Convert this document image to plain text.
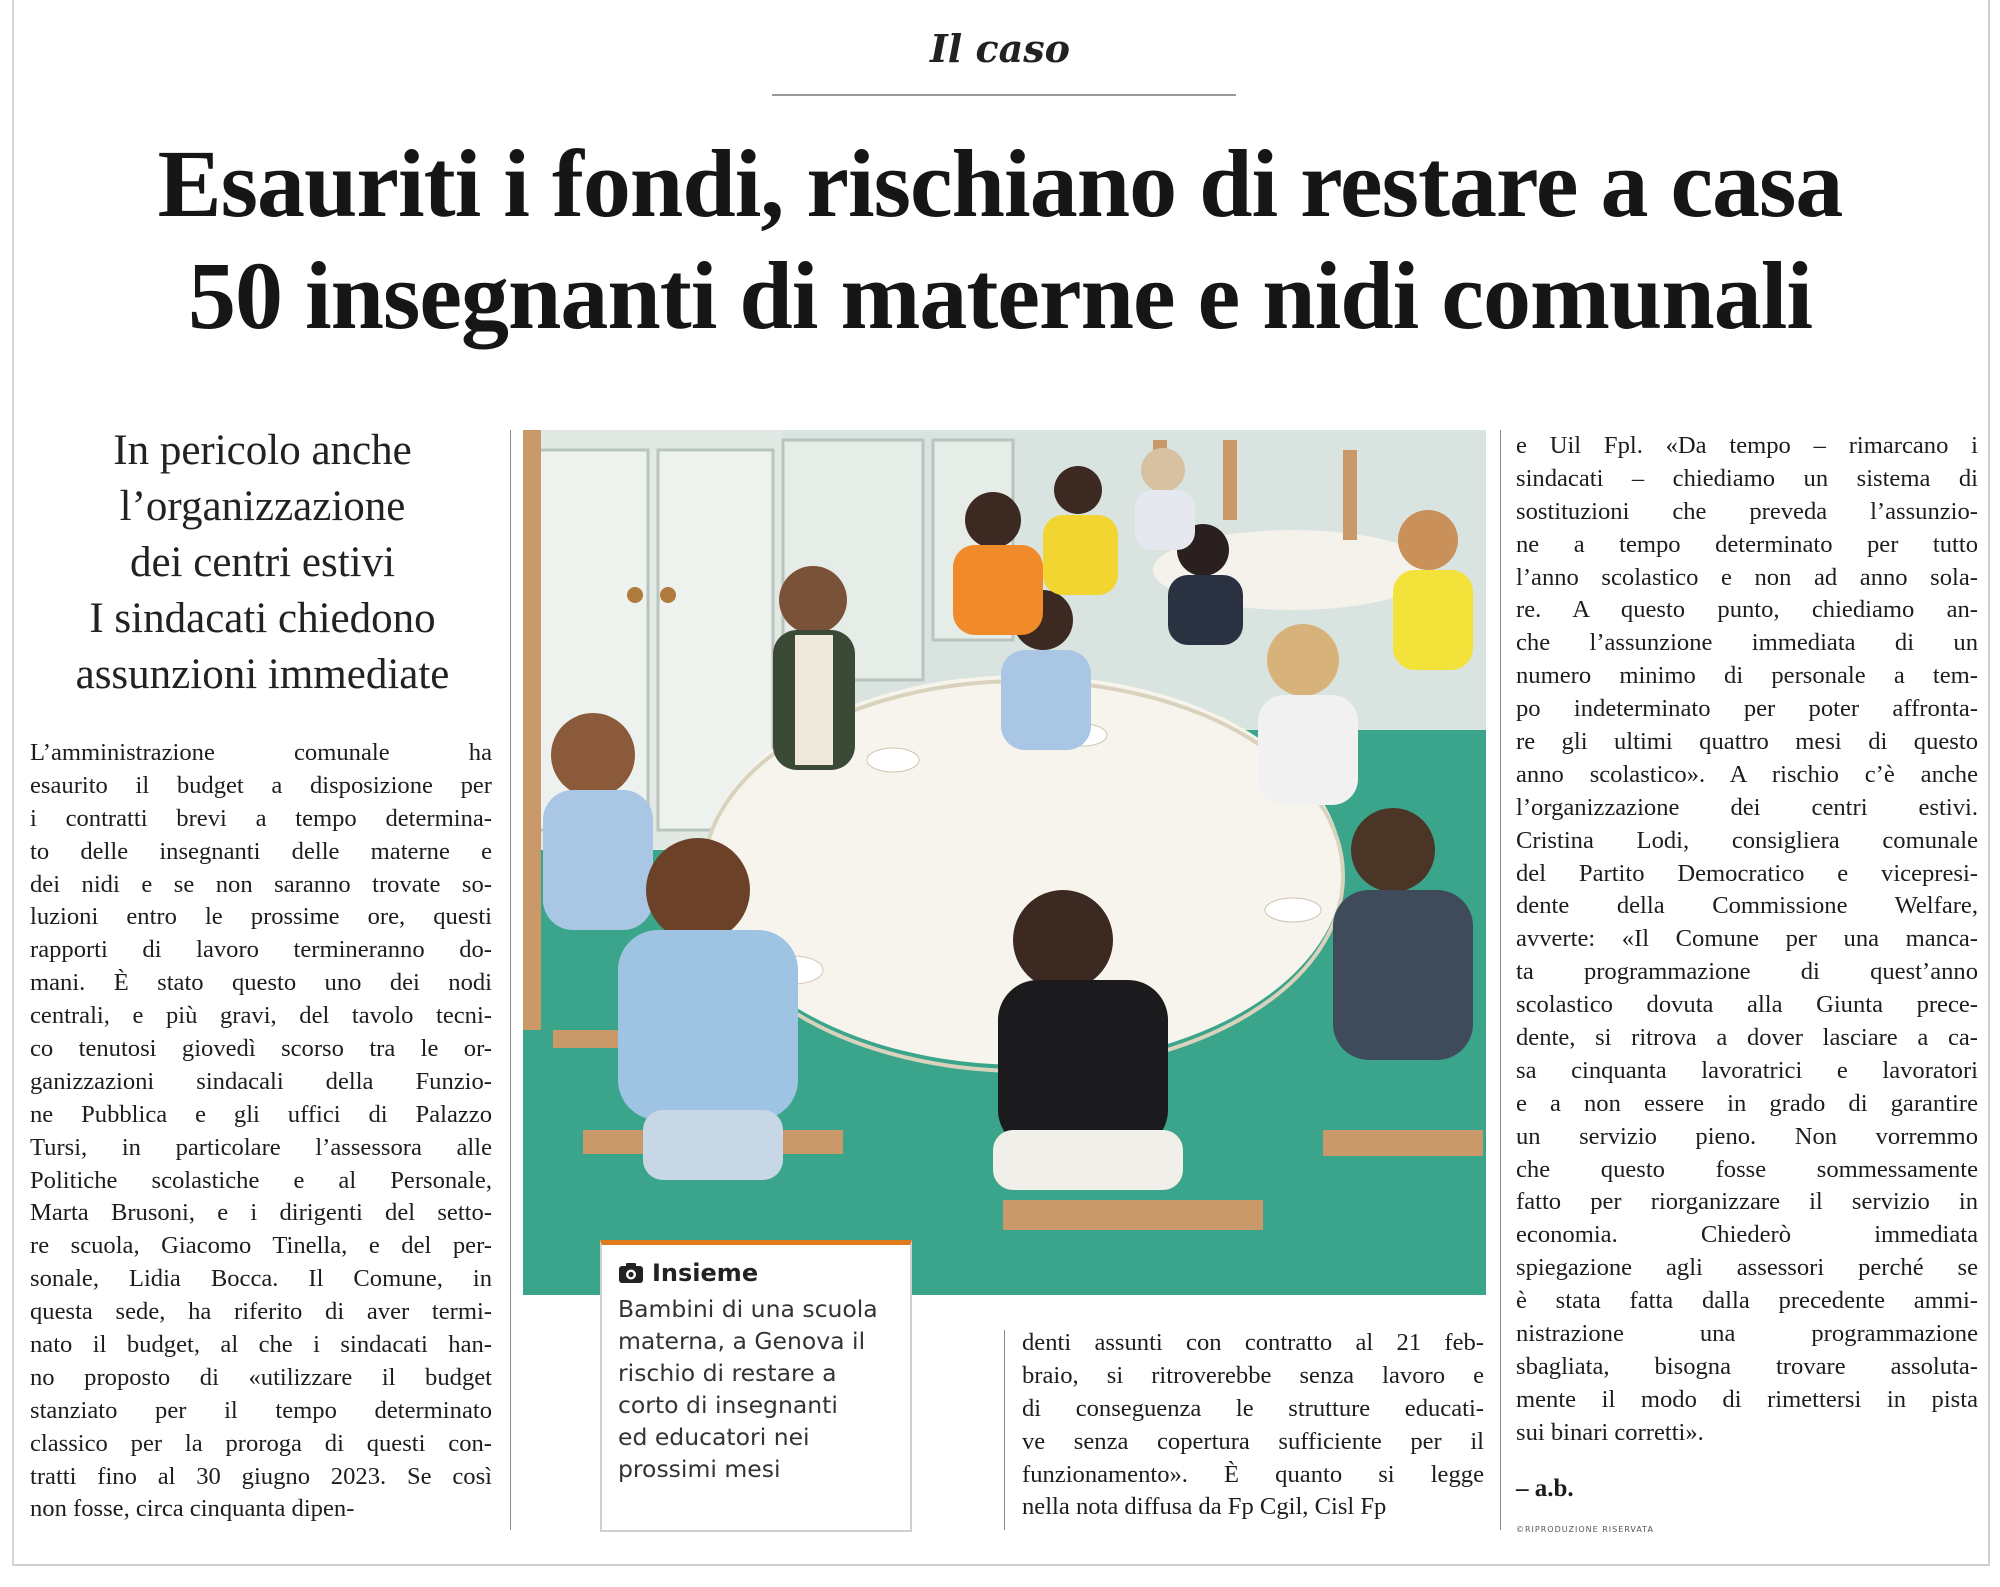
Il caso
Esauriti i fondi, rischiano di restare a casa
50 insegnanti di materne e nidi comunali
In pericolo anche
l’organizzazione
dei centri estivi
I sindacati chiedono
assunzioni immediate
L’amministrazione comunale ha
esaurito il budget a disposizione per
i contratti brevi a tempo determina-
to delle insegnanti delle materne e
dei nidi e se non saranno trovate so-
luzioni entro le prossime ore, questi
rapporti di lavoro termineranno do-
mani. È stato questo uno dei nodi
centrali, e più gravi, del tavolo tecni-
co tenutosi giovedì scorso tra le or-
ganizzazioni sindacali della Funzio-
ne Pubblica e gli uffici di Palazzo
Tursi, in particolare l’assessora alle
Politiche scolastiche e al Personale,
Marta Brusoni, e i dirigenti del setto-
re scuola, Giacomo Tinella, e del per-
sonale, Lidia Bocca. Il Comune, in
questa sede, ha riferito di aver termi-
nato il budget, al che i sindacati han-
no proposto di «utilizzare il budget
stanziato per il tempo determinato
classico per la proroga di questi con-
tratti fino al 30 giugno 2023. Se così
non fosse, circa cinquanta dipen-
Insieme
Bambini di una scuola
materna, a Genova il
rischio di restare a
corto di insegnanti
ed educatori nei
prossimi mesi
denti assunti con contratto al 21 feb-
braio, si ritroverebbe senza lavoro e
di conseguenza le strutture educati-
ve senza copertura sufficiente per il
funzionamento». È quanto si legge
nella nota diffusa da Fp Cgil, Cisl Fp
e Uil Fpl. «Da tempo – rimarcano i
sindacati – chiediamo un sistema di
sostituzioni che preveda l’assunzio-
ne a tempo determinato per tutto
l’anno scolastico e non ad anno sola-
re. A questo punto, chiediamo an-
che l’assunzione immediata di un
numero minimo di personale a tem-
po indeterminato per poter affronta-
re gli ultimi quattro mesi di questo
anno scolastico». A rischio c’è anche
l’organizzazione dei centri estivi.
Cristina Lodi, consigliera comunale
del Partito Democratico e vicepresi-
dente della Commissione Welfare,
avverte: «Il Comune per una manca-
ta programmazione di quest’anno
scolastico dovuta alla Giunta prece-
dente, si ritrova a dover lasciare a ca-
sa cinquanta lavoratrici e lavoratori
e a non essere in grado di garantire
un servizio pieno. Non vorremmo
che questo fosse sommessamente
fatto per riorganizzare il servizio in
economia. Chiederò immediata
spiegazione agli assessori perché se
è stata fatta dalla precedente ammi-
nistrazione una programmazione
sbagliata, bisogna trovare assoluta-
mente il modo di rimettersi in pista
sui binari corretti».
– a.b.
©RIPRODUZIONE RISERVATA
